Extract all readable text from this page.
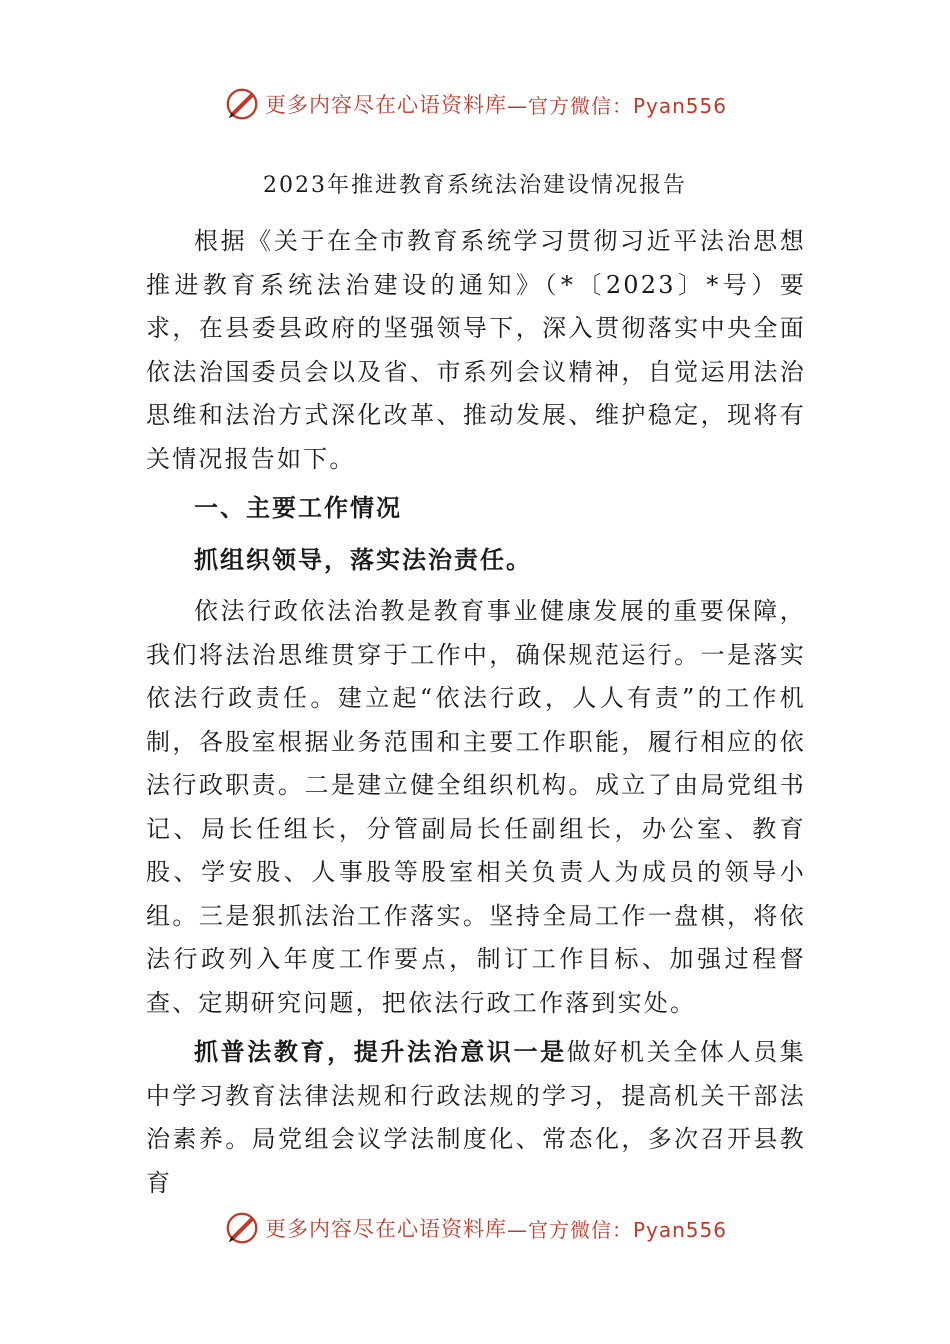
更多内容尽在心语资料库 —官方微信：Pyan556
2023年推进教育系统法治建设情况报告

根据《关于在全市教育系统学习贯彻习近平法治思想推进教育系统法治建设的通知》（*〔2023〕*号）要求，在县委县政府的坚强领导下，深入贯彻落实中央全面依法治国委员会以及省、市系列会议精神，自觉运用法治思维和法治方式深化改革、推动发展、维护稳定，现将有关情况报告如下。

一、主要工作情况
抓组织领导，落实法治责任。

依法行政依法治教是教育事业健康发展的重要保障，我们将法治思维贯穿于工作中，确保规范运行。一是落实依法行政责任。建立起“依法行政，人人有责”的工作机制，各股室根据业务范围和主要工作职能，履行相应的依法行政职责。二是建立健全组织机构。成立了由局党组书记、局长任组长，分管副局长任副组长，办公室、教育股、学安股、人事股等股室相关负责人为成员的领导小组。三是狠抓法治工作落实。坚持全局工作一盘棋，将依法行政列入年度工作要点，制订工作目标、加强过程督查、定期研究问题，把依法行政工作落到实处。

抓普法教育，提升法治意识一是做好机关全体人员集中学习教育法律法规和行政法规的学习，提高机关干部法治素养。局党组会议学法制度化、常态化，多次召开县教育

更多内容尽在心语资料库 —官方微信：Pyan556
